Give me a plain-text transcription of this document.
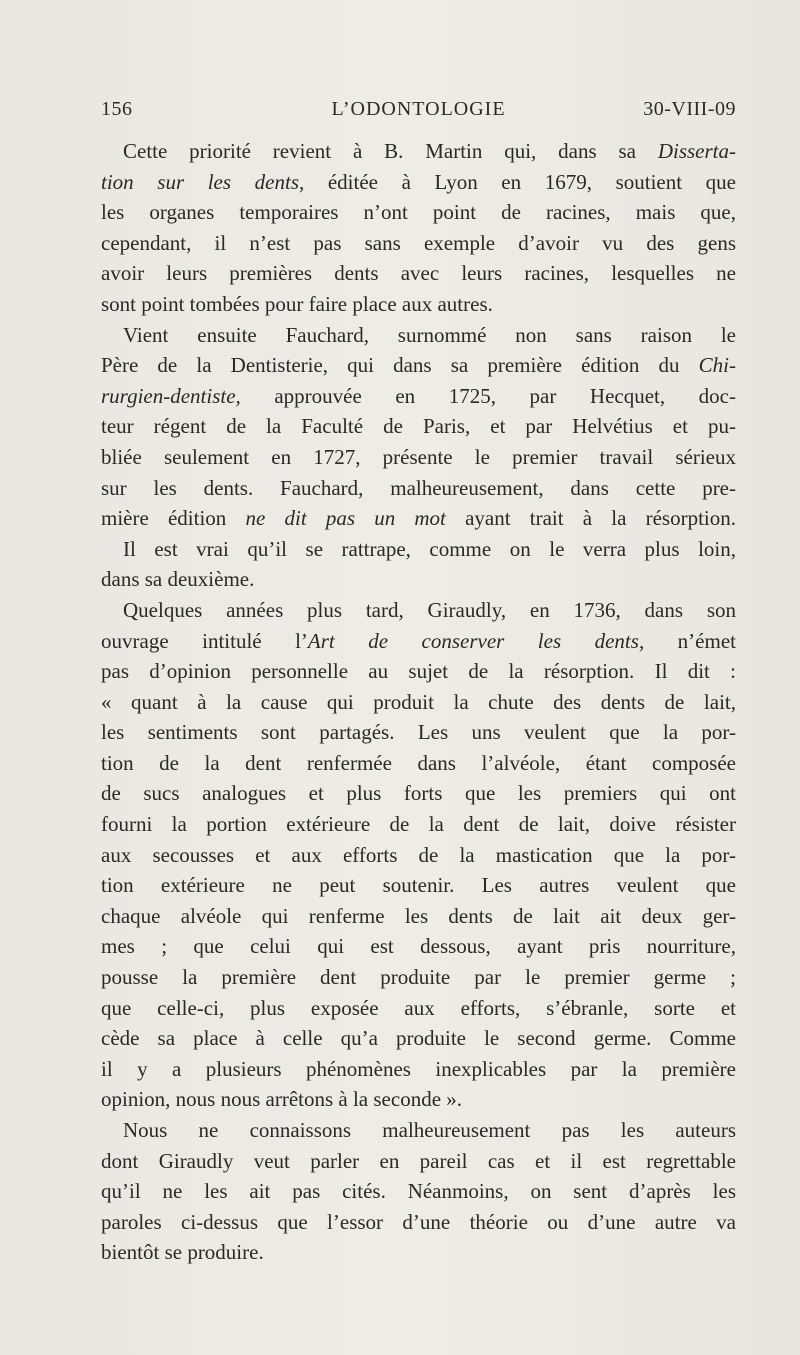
156	L’ODONTOLOGIE	30-VIII-09
Cette priorité revient à B. Martin qui, dans sa Disserta-
tion sur les dents, éditée à Lyon en 1679, soutient que
les organes temporaires n’ont point de racines, mais que,
cependant, il n’est pas sans exemple d’avoir vu des gens
avoir leurs premières dents avec leurs racines, lesquelles ne
sont point tombées pour faire place aux autres.
Vient ensuite Fauchard, surnommé non sans raison le
Père de la Dentisterie, qui dans sa première édition du Chi-
rurgien-dentiste, approuvée en 1725, par Hecquet, doc-
teur régent de la Faculté de Paris, et par Helvétius et pu-
bliée seulement en 1727, présente le premier travail sérieux
sur les dents. Fauchard, malheureusement, dans cette pre-
mière édition ne dit pas un mot ayant trait à la résorption.
Il est vrai qu’il se rattrape, comme on le verra plus loin,
dans sa deuxième.
Quelques années plus tard, Giraudly, en 1736, dans son
ouvrage intitulé l’Art de conserver les dents, n’émet
pas d’opinion personnelle au sujet de la résorption. Il dit :
« quant à la cause qui produit la chute des dents de lait,
les sentiments sont partagés. Les uns veulent que la por-
tion de la dent renfermée dans l’alvéole, étant composée
de sucs analogues et plus forts que les premiers qui ont
fourni la portion extérieure de la dent de lait, doive résister
aux secousses et aux efforts de la mastication que la por-
tion extérieure ne peut soutenir. Les autres veulent que
chaque alvéole qui renferme les dents de lait ait deux ger-
mes ; que celui qui est dessous, ayant pris nourriture,
pousse la première dent produite par le premier germe ;
que celle-ci, plus exposée aux efforts, s’ébranle, sorte et
cède sa place à celle qu’a produite le second germe. Comme
il y a plusieurs phénomènes inexplicables par la première
opinion, nous nous arrêtons à la seconde ».
Nous ne connaissons malheureusement pas les auteurs
dont Giraudly veut parler en pareil cas et il est regrettable
qu’il ne les ait pas cités. Néanmoins, on sent d’après les
paroles ci-dessus que l’essor d’une théorie ou d’une autre va
bientôt se produire.
